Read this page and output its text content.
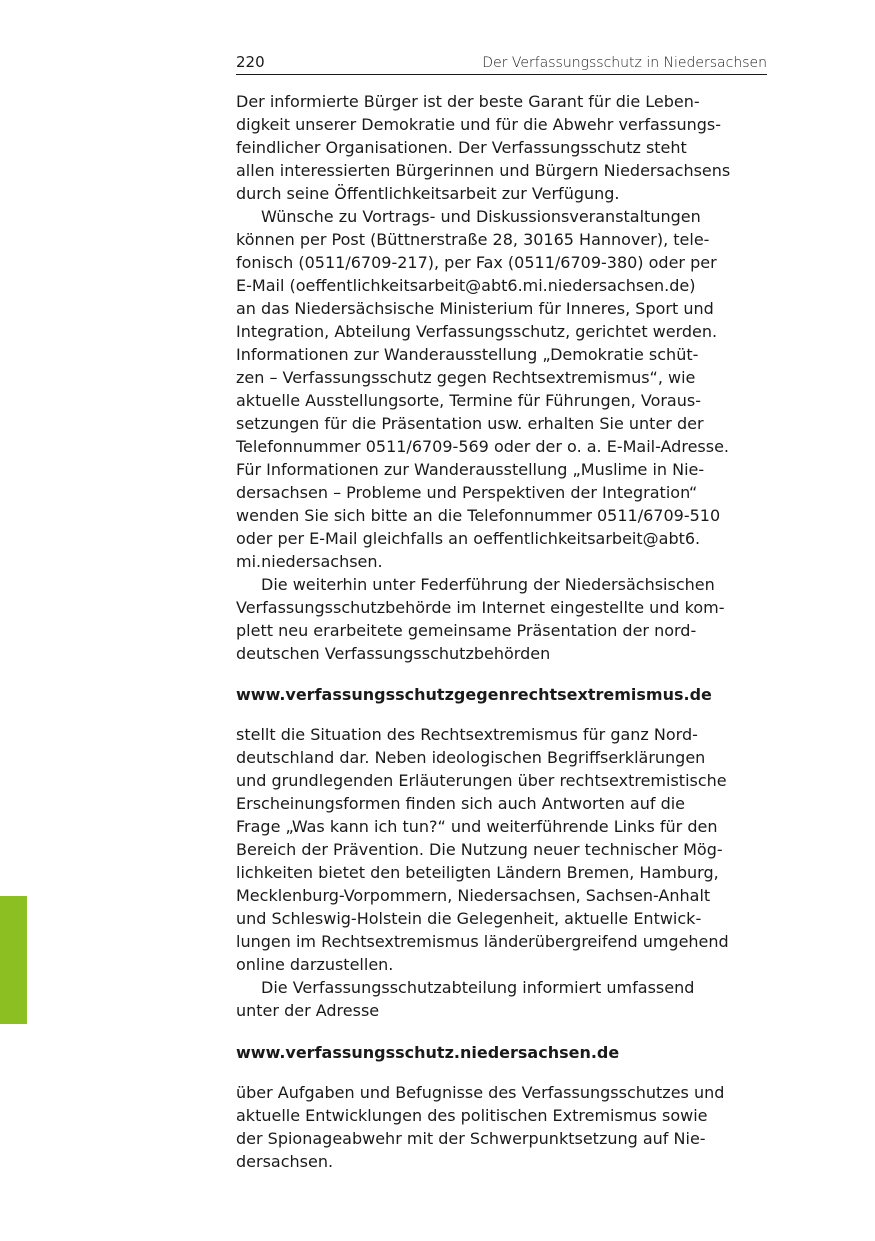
220	Der Verfassungsschutz in Niedersachsen
Der informierte Bürger ist der beste Garant für die Leben-
digkeit unserer Demokratie und für die Abwehr verfassungs-
feindlicher Organisationen. Der Verfassungsschutz steht
allen interessierten Bürgerinnen und Bürgern Niedersachsens
durch seine Öffentlichkeitsarbeit zur Verfügung.
Wünsche zu Vortrags- und Diskussionsveranstaltungen
können per Post (Büttnerstraße 28, 30165 Hannover), tele-
fonisch (0511/6709-217), per Fax (0511/6709-380) oder per
E-Mail (oeffentlichkeitsarbeit@abt6.mi.niedersachsen.de)
an das Niedersächsische Ministerium für Inneres, Sport und
Integration, Abteilung Verfassungsschutz, gerichtet werden.
Informationen zur Wanderausstellung „Demokratie schüt-
zen – Verfassungsschutz gegen Rechtsextremismus“, wie
aktuelle Ausstellungsorte, Termine für Führungen, Voraus-
setzungen für die Präsentation usw. erhalten Sie unter der
Telefonnummer 0511/6709-569 oder der o. a. E-Mail-Adresse.
Für Informationen zur Wanderausstellung „Muslime in Nie-
dersachsen – Probleme und Perspektiven der Integration“
wenden Sie sich bitte an die Telefonnummer 0511/6709-510
oder per E-Mail gleichfalls an oeffentlichkeitsarbeit@abt6.
mi.niedersachsen.
Die weiterhin unter Federführung der Niedersächsischen
Verfassungsschutzbehörde im Internet eingestellte und kom-
plett neu erarbeitete gemeinsame Präsentation der nord-
deutschen Verfassungsschutzbehörden
www.verfassungsschutzgegenrechtsextremismus.de
stellt die Situation des Rechtsextremismus für ganz Nord-
deutschland dar. Neben ideologischen Begriffserklärungen
und grundlegenden Erläuterungen über rechtsextremistische
Erscheinungsformen finden sich auch Antworten auf die
Frage „Was kann ich tun?“ und weiterführende Links für den
Bereich der Prävention. Die Nutzung neuer technischer Mög-
lichkeiten bietet den beteiligten Ländern Bremen, Hamburg,
Mecklenburg-Vorpommern, Niedersachsen, Sachsen-Anhalt
und Schleswig-Holstein die Gelegenheit, aktuelle Entwick-
lungen im Rechtsextremismus länderübergreifend umgehend
online darzustellen.
Die Verfassungsschutzabteilung informiert umfassend
unter der Adresse
www.verfassungsschutz.niedersachsen.de
über Aufgaben und Befugnisse des Verfassungsschutzes und
aktuelle Entwicklungen des politischen Extremismus sowie
der Spionageabwehr mit der Schwerpunktsetzung auf Nie-
dersachsen.
